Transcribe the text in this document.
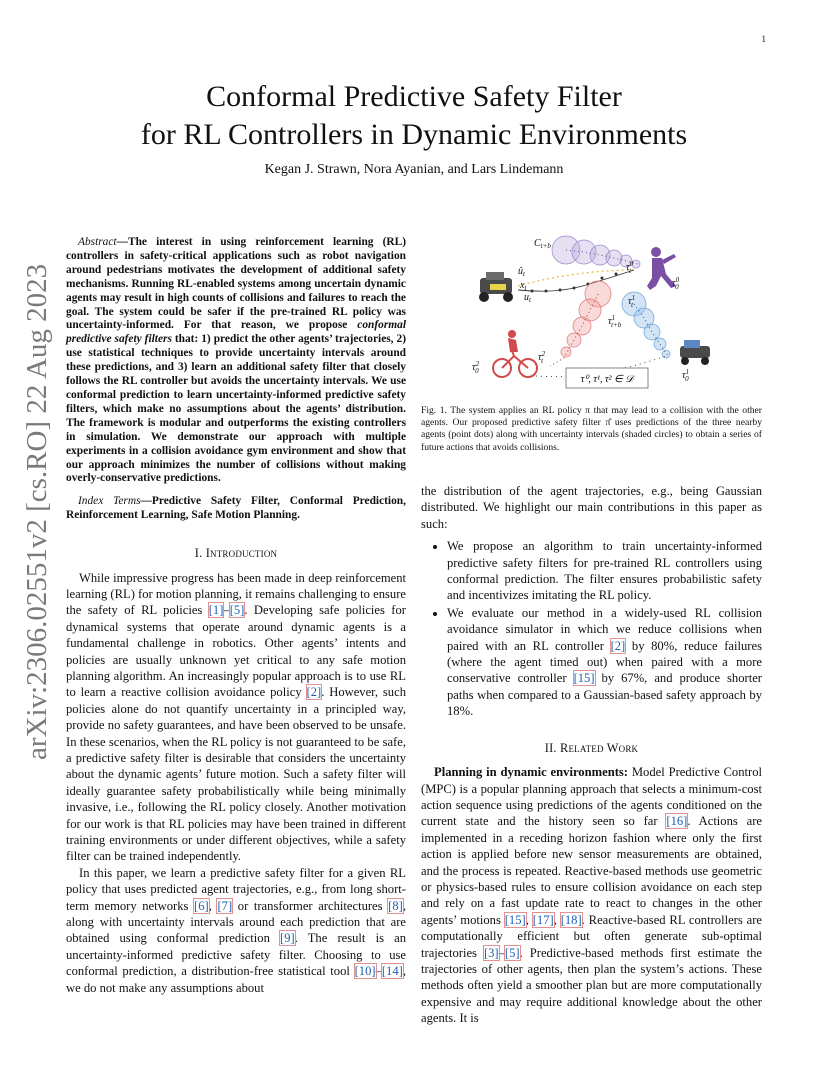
1
Conformal Predictive Safety Filter
for RL Controllers in Dynamic Environments
Kegan J. Strawn, Nora Ayanian, and Lars Lindemann
arXiv:2306.02551v2 [cs.RO] 22 Aug 2023

Abstract—The interest in using reinforcement learning (RL) controllers in safety-critical applications such as robot navigation around pedestrians motivates the development of additional safety mechanisms. Running RL-enabled systems among uncertain dynamic agents may result in high counts of collisions and failures to reach the goal. The system could be safer if the pre-trained RL policy was uncertainty-informed. For that reason, we propose conformal predictive safety filters that: 1) predict the other agents’ trajectories, 2) use statistical techniques to provide uncertainty intervals around these predictions, and 3) learn an additional safety filter that closely follows the RL controller but avoids the uncertainty intervals. We use conformal prediction to learn uncertainty-informed predictive safety filters, which make no assumptions about the agents’ distribution. The framework is modular and outperforms the existing controllers in simulation. We demonstrate our approach with multiple experiments in a collision avoidance gym environment and show that our approach minimizes the number of collisions without making overly-conservative predictions.

Index Terms—Predictive Safety Filter, Conformal Prediction, Reinforcement Learning, Safe Motion Planning.

I. Introduction

While impressive progress has been made in deep reinforcement learning (RL) for motion planning, it remains challenging to ensure the safety of RL policies [1]–[5]. Developing safe policies for dynamical systems that operate around dynamic agents is a fundamental challenge in robotics. Other agents’ intents and policies are usually unknown yet critical to any safe motion planning algorithm. An increasingly popular approach is to use RL to learn a reactive collision avoidance policy [2]. However, such policies alone do not quantify uncertainty in a principled way, provide no safety guarantees, and have been observed to be unsafe. In these scenarios, when the RL policy is not guaranteed to be safe, a predictive safety filter is desirable that considers the uncertainty about the dynamic agents’ future motion. Such a safety filter will ideally guarantee safety probabilistically while being minimally invasive, i.e., following the RL policy closely. Another motivation for our work is that RL policies may have been trained in different training environments or under different objectives, while a safety filter can be trained independently.

In this paper, we learn a predictive safety filter for a given RL policy that uses predicted agent trajectories, e.g., from long short-term memory networks [6], [7] or transformer architectures [8], along with uncertainty intervals around each prediction that are obtained using conformal prediction [9]. The result is an uncertainty-informed predictive safety filter. Choosing to use conformal prediction, a distribution-free statistical tool [10]–[14], we do not make any assumptions about

τ⁰, τ¹, τ² ∈ 𝒟
$C_{t+b}$
$\tau^0$ t
$\tau^0$ 0
$û_t$
$x_t$
$u_t$	$\tau^1$ t
$\tau^1$ t+b
$\tau^2$ 0
$\tau^2$ t
$\tau^1$ 0

Fig. 1. The system applies an RL policy π that may lead to a collision with the other agents. Our proposed predictive safety filter π̂ uses predictions of the three nearby agents (point dots) along with uncertainty intervals (shaded circles) to obtain a series of future actions that avoids collisions.

the distribution of the agent trajectories, e.g., being Gaussian distributed. We highlight our main contributions in this paper as such:

• We propose an algorithm to train uncertainty-informed predictive safety filters for pre-trained RL controllers using conformal prediction. The filter ensures probabilistic safety and incentivizes imitating the RL policy.
• We evaluate our method in a widely-used RL collision avoidance simulator in which we reduce collisions when paired with an RL controller [2] by 80%, reduce failures (where the agent timed out) when paired with a more conservative controller [15] by 67%, and produce shorter paths when compared to a Gaussian-based safety approach by 18%.
II. Related Work

Planning in dynamic environments: Model Predictive Control (MPC) is a popular planning approach that selects a minimum-cost action sequence using predictions of the agents conditioned on the current state and the history seen so far [16]. Actions are implemented in a receding horizon fashion where only the first action is applied before new sensor measurements are obtained, and the process is repeated. Reactive-based methods use geometric or physics-based rules to ensure collision avoidance on each step and rely on a fast update rate to react to changes in the other agents’ motions [15], [17], [18]. Reactive-based RL controllers are computationally efficient but often generate sub-optimal trajectories [3]–[5]. Predictive-based methods first estimate the trajectories of other agents, then plan the system’s actions. These methods often yield a smoother plan but are more computationally expensive and may require additional knowledge about the other agents. It is
